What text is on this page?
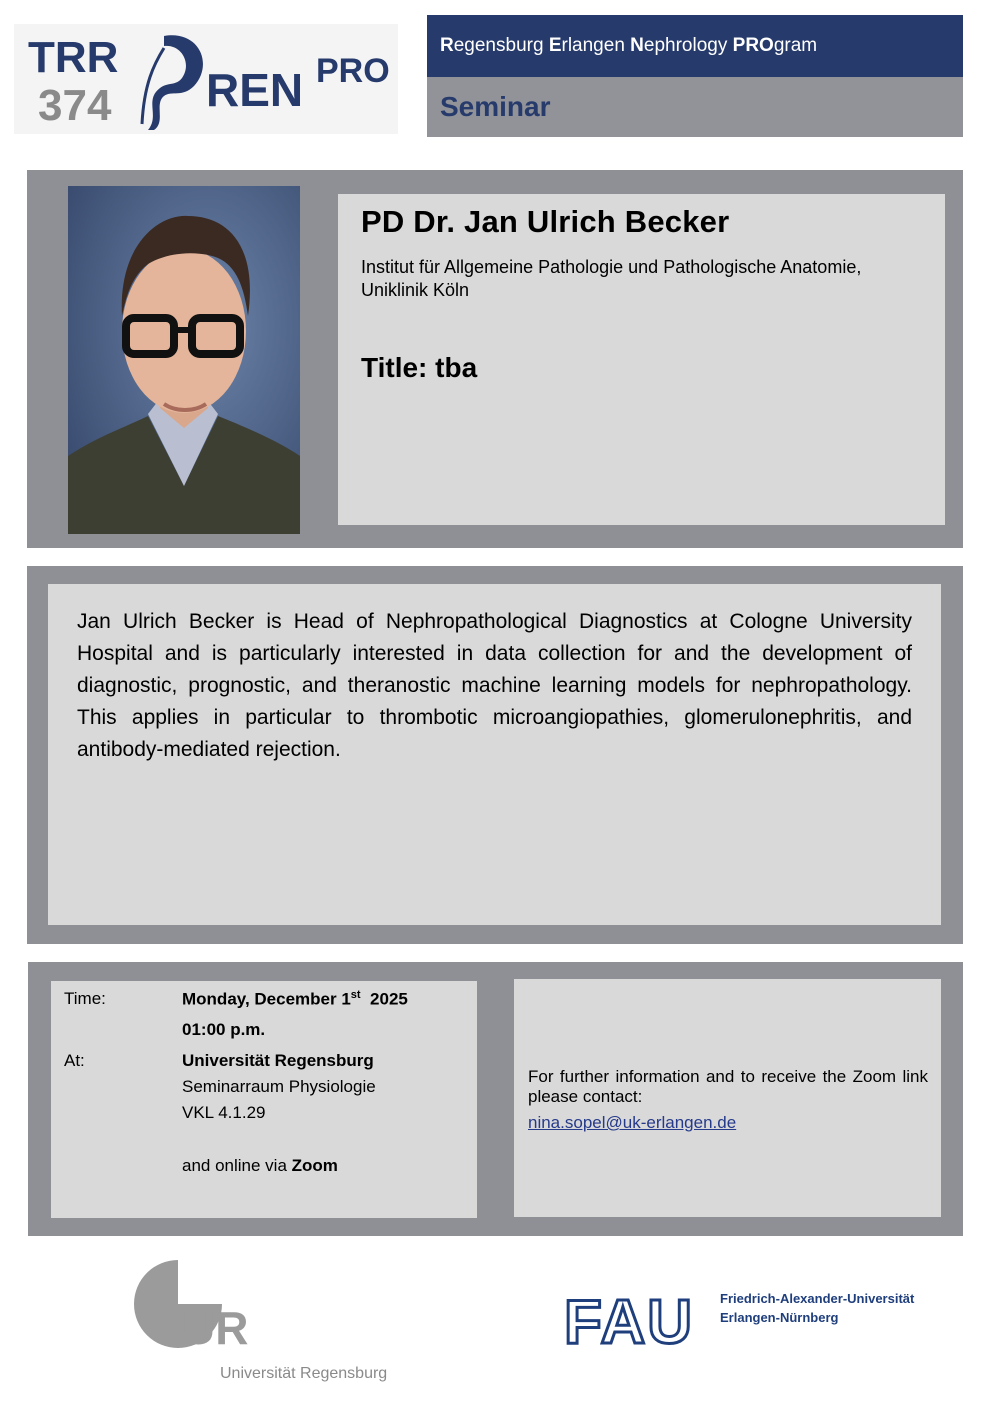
TRR
374 REN PRO
Regensburg Erlangen Nephrology PROgram
Seminar
PD Dr. Jan Ulrich Becker
Institut für Allgemeine Pathologie und Pathologische Anatomie,
Uniklinik Köln
Title: tba

Jan Ulrich Becker is Head of Nephropathological Diagnostics at Cologne University Hospital and is particularly interested in data collection for and the development of diagnostic, prognostic, and theranostic machine learning models for nephropathology. This applies in particular to thrombotic microangiopathies, glomerulonephritis, and antibody-mediated rejection.

Time:	Monday, December 1st 2025
01:00 p.m.
At:	Universität Regensburg
Seminarraum Physiologie
VKL 4.1.29
and online via Zoom
For further information and to receive the Zoom link please contact:
nina.sopel@uk-erlangen.de
UR
Universität Regensburg
FAU Friedrich-Alexander-Universität
Erlangen-Nürnberg
